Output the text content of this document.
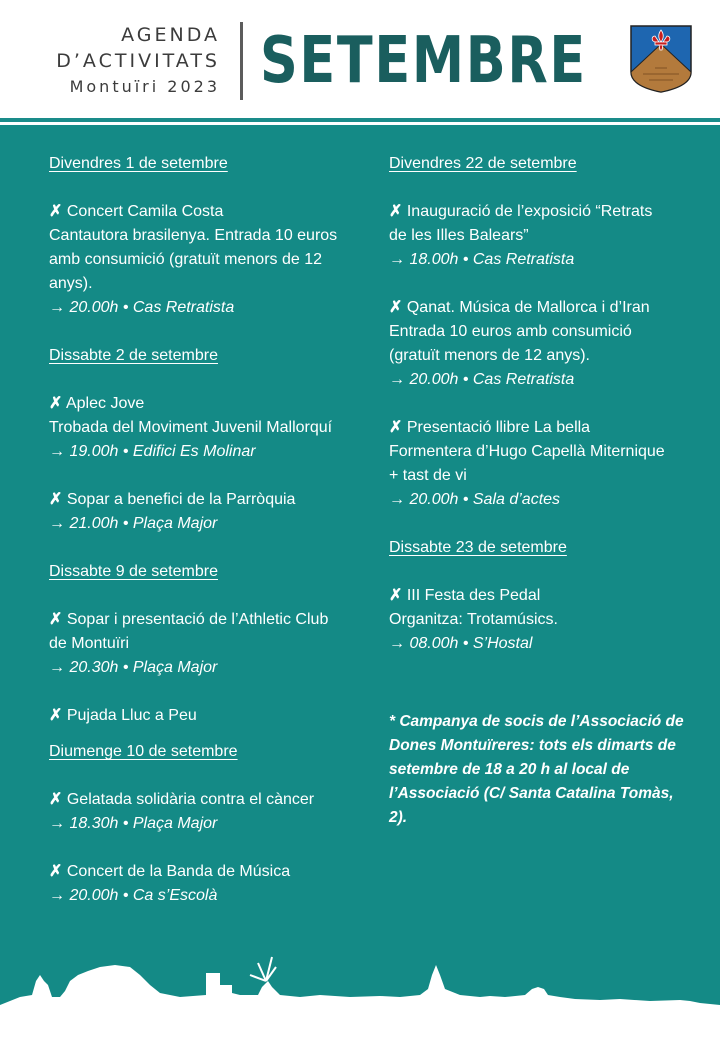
AGENDA
D’ACTIVITATS
Montuïri 2023 SETEMBRE
Divendres 1 de setembre
✗ Concert Camila Costa
Cantautora brasilenya. Entrada 10 euros
amb consumició (gratuït menors de 12
anys).
→ 20.00h • Cas Retratista
Dissabte 2 de setembre
✗ Aplec Jove
Trobada del Moviment Juvenil Mallorquí
→ 19.00h • Edifici Es Molinar
✗ Sopar a benefici de la Parròquia
→ 21.00h • Plaça Major
Dissabte 9 de setembre
✗ Sopar i presentació de l’Athletic Club
de Montuïri
→ 20.30h • Plaça Major
✗ Pujada Lluc a Peu
Diumenge 10 de setembre
✗ Gelatada solidària contra el càncer
→ 18.30h • Plaça Major
✗ Concert de la Banda de Música
→ 20.00h • Ca s’Escolà
Divendres 22 de setembre
✗ Inauguració de l’exposició “Retrats
de les Illes Balears”
→ 18.00h • Cas Retratista
✗ Qanat. Música de Mallorca i d’Iran
Entrada 10 euros amb consumició
(gratuït menors de 12 anys).
→ 20.00h • Cas Retratista
✗ Presentació llibre La bella
Formentera d’Hugo Capellà Miternique
+ tast de vi
→ 20.00h • Sala d’actes
Dissabte 23 de setembre
✗ III Festa des Pedal
Organitza: Trotamúsics.
→ 08.00h • S’Hostal
* Campanya de socis de l’Associació de
Dones Montuïreres: tots els dimarts de
setembre de 18 a 20 h al local de
l’Associació (C/ Santa Catalina Tomàs,
2).
